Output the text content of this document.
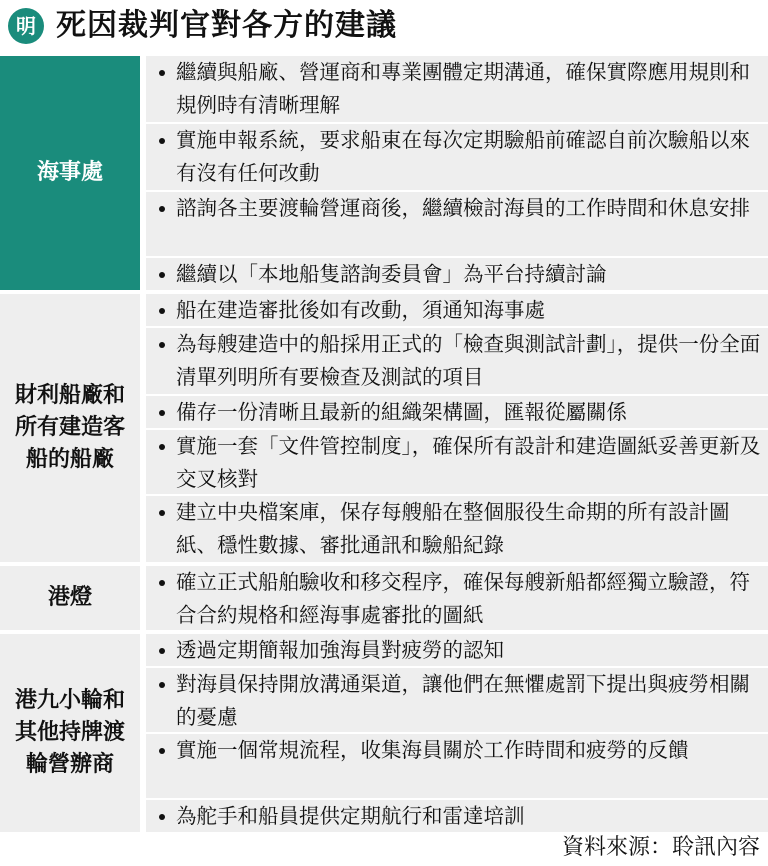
明 死因裁判官對各方的建議
海事處
繼續與船廠、營運商和專業團體定期溝通，確保實際應用規則和規例時有清晰理解
實施申報系統，要求船東在每次定期驗船前確認自前次驗船以來有沒有任何改動
諮詢各主要渡輪營運商後，繼續檢討海員的工作時間和休息安排
繼續以「本地船隻諮詢委員會」為平台持續討論
財利船廠和所有建造客船的船廠
船在建造審批後如有改動，須通知海事處
為每艘建造中的船採用正式的「檢查與測試計劃」，提供一份全面清單列明所有要檢查及測試的項目
備存一份清晰且最新的組織架構圖，匯報從屬關係
實施一套「文件管控制度」，確保所有設計和建造圖紙妥善更新及交叉核對
建立中央檔案庫，保存每艘船在整個服役生命期的所有設計圖紙、穩性數據、審批通訊和驗船紀錄
港燈
確立正式船舶驗收和移交程序，確保每艘新船都經獨立驗證，符合合約規格和經海事處審批的圖紙
港九小輪和其他持牌渡輪營辦商
透過定期簡報加強海員對疲勞的認知
對海員保持開放溝通渠道，讓他們在無懼處罰下提出與疲勞相關的憂慮
實施一個常規流程，收集海員關於工作時間和疲勞的反饋
為舵手和船員提供定期航行和雷達培訓
資料來源：聆訊內容
